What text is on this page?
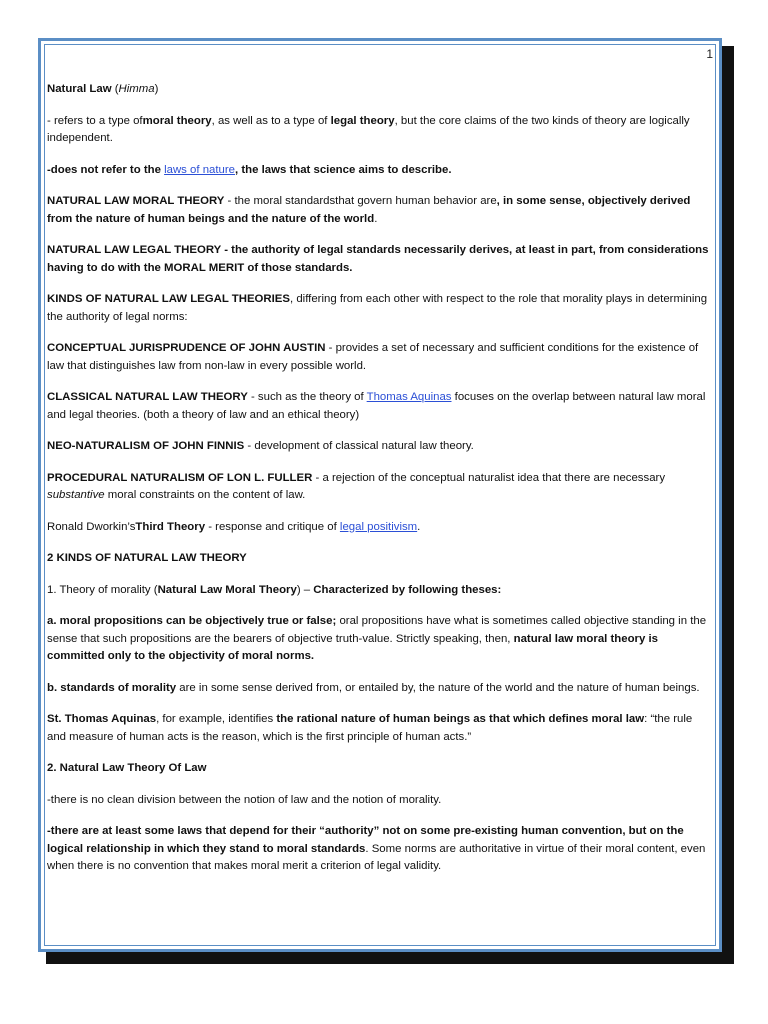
1

Natural Law (Himma)

- refers to a type ofmoral theory, as well as to a type of legal theory, but the core claims of the two kinds of theory are logically independent.

-does not refer to the laws of nature, the laws that science aims to describe.

NATURAL LAW MORAL THEORY - the moral standardsthat govern human behavior are, in some sense, objectively derived from the nature of human beings and the nature of the world.

NATURAL LAW LEGAL THEORY - the authority of legal standards necessarily derives, at least in part, from considerations having to do with the MORAL MERIT of those standards.

KINDS OF NATURAL LAW LEGAL THEORIES, differing from each other with respect to the role that morality plays in determining the authority of legal norms:

CONCEPTUAL JURISPRUDENCE OF JOHN AUSTIN - provides a set of necessary and sufficient conditions for the existence of law that distinguishes law from non-law in every possible world.

CLASSICAL NATURAL LAW THEORY - such as the theory of Thomas Aquinas focuses on the overlap between natural law moral and legal theories. (both a theory of law and an ethical theory)

NEO-NATURALISM OF JOHN FINNIS - development of classical natural law theory.

PROCEDURAL NATURALISM OF LON L. FULLER - a rejection of the conceptual naturalist idea that there are necessary substantive moral constraints on the content of law.

Ronald Dworkin’sThird Theory - response and critique of legal positivism.

2 KINDS OF NATURAL LAW THEORY

1. Theory of morality (Natural Law Moral Theory) – Characterized by following theses:

a. moral propositions can be objectively true or false; oral propositions have what is sometimes called objective standing in the sense that such propositions are the bearers of objective truth-value. Strictly speaking, then, natural law moral theory is committed only to the objectivity of moral norms.

b. standards of morality are in some sense derived from, or entailed by, the nature of the world and the nature of human beings.

St. Thomas Aquinas, for example, identifies the rational nature of human beings as that which defines moral law: “the rule and measure of human acts is the reason, which is the first principle of human acts.”

2. Natural Law Theory Of Law

-there is no clean division between the notion of law and the notion of morality.

-there are at least some laws that depend for their “authority” not on some pre-existing human convention, but on the logical relationship in which they stand to moral standards. Some norms are authoritative in virtue of their moral content, even when there is no convention that makes moral merit a criterion of legal validity.
